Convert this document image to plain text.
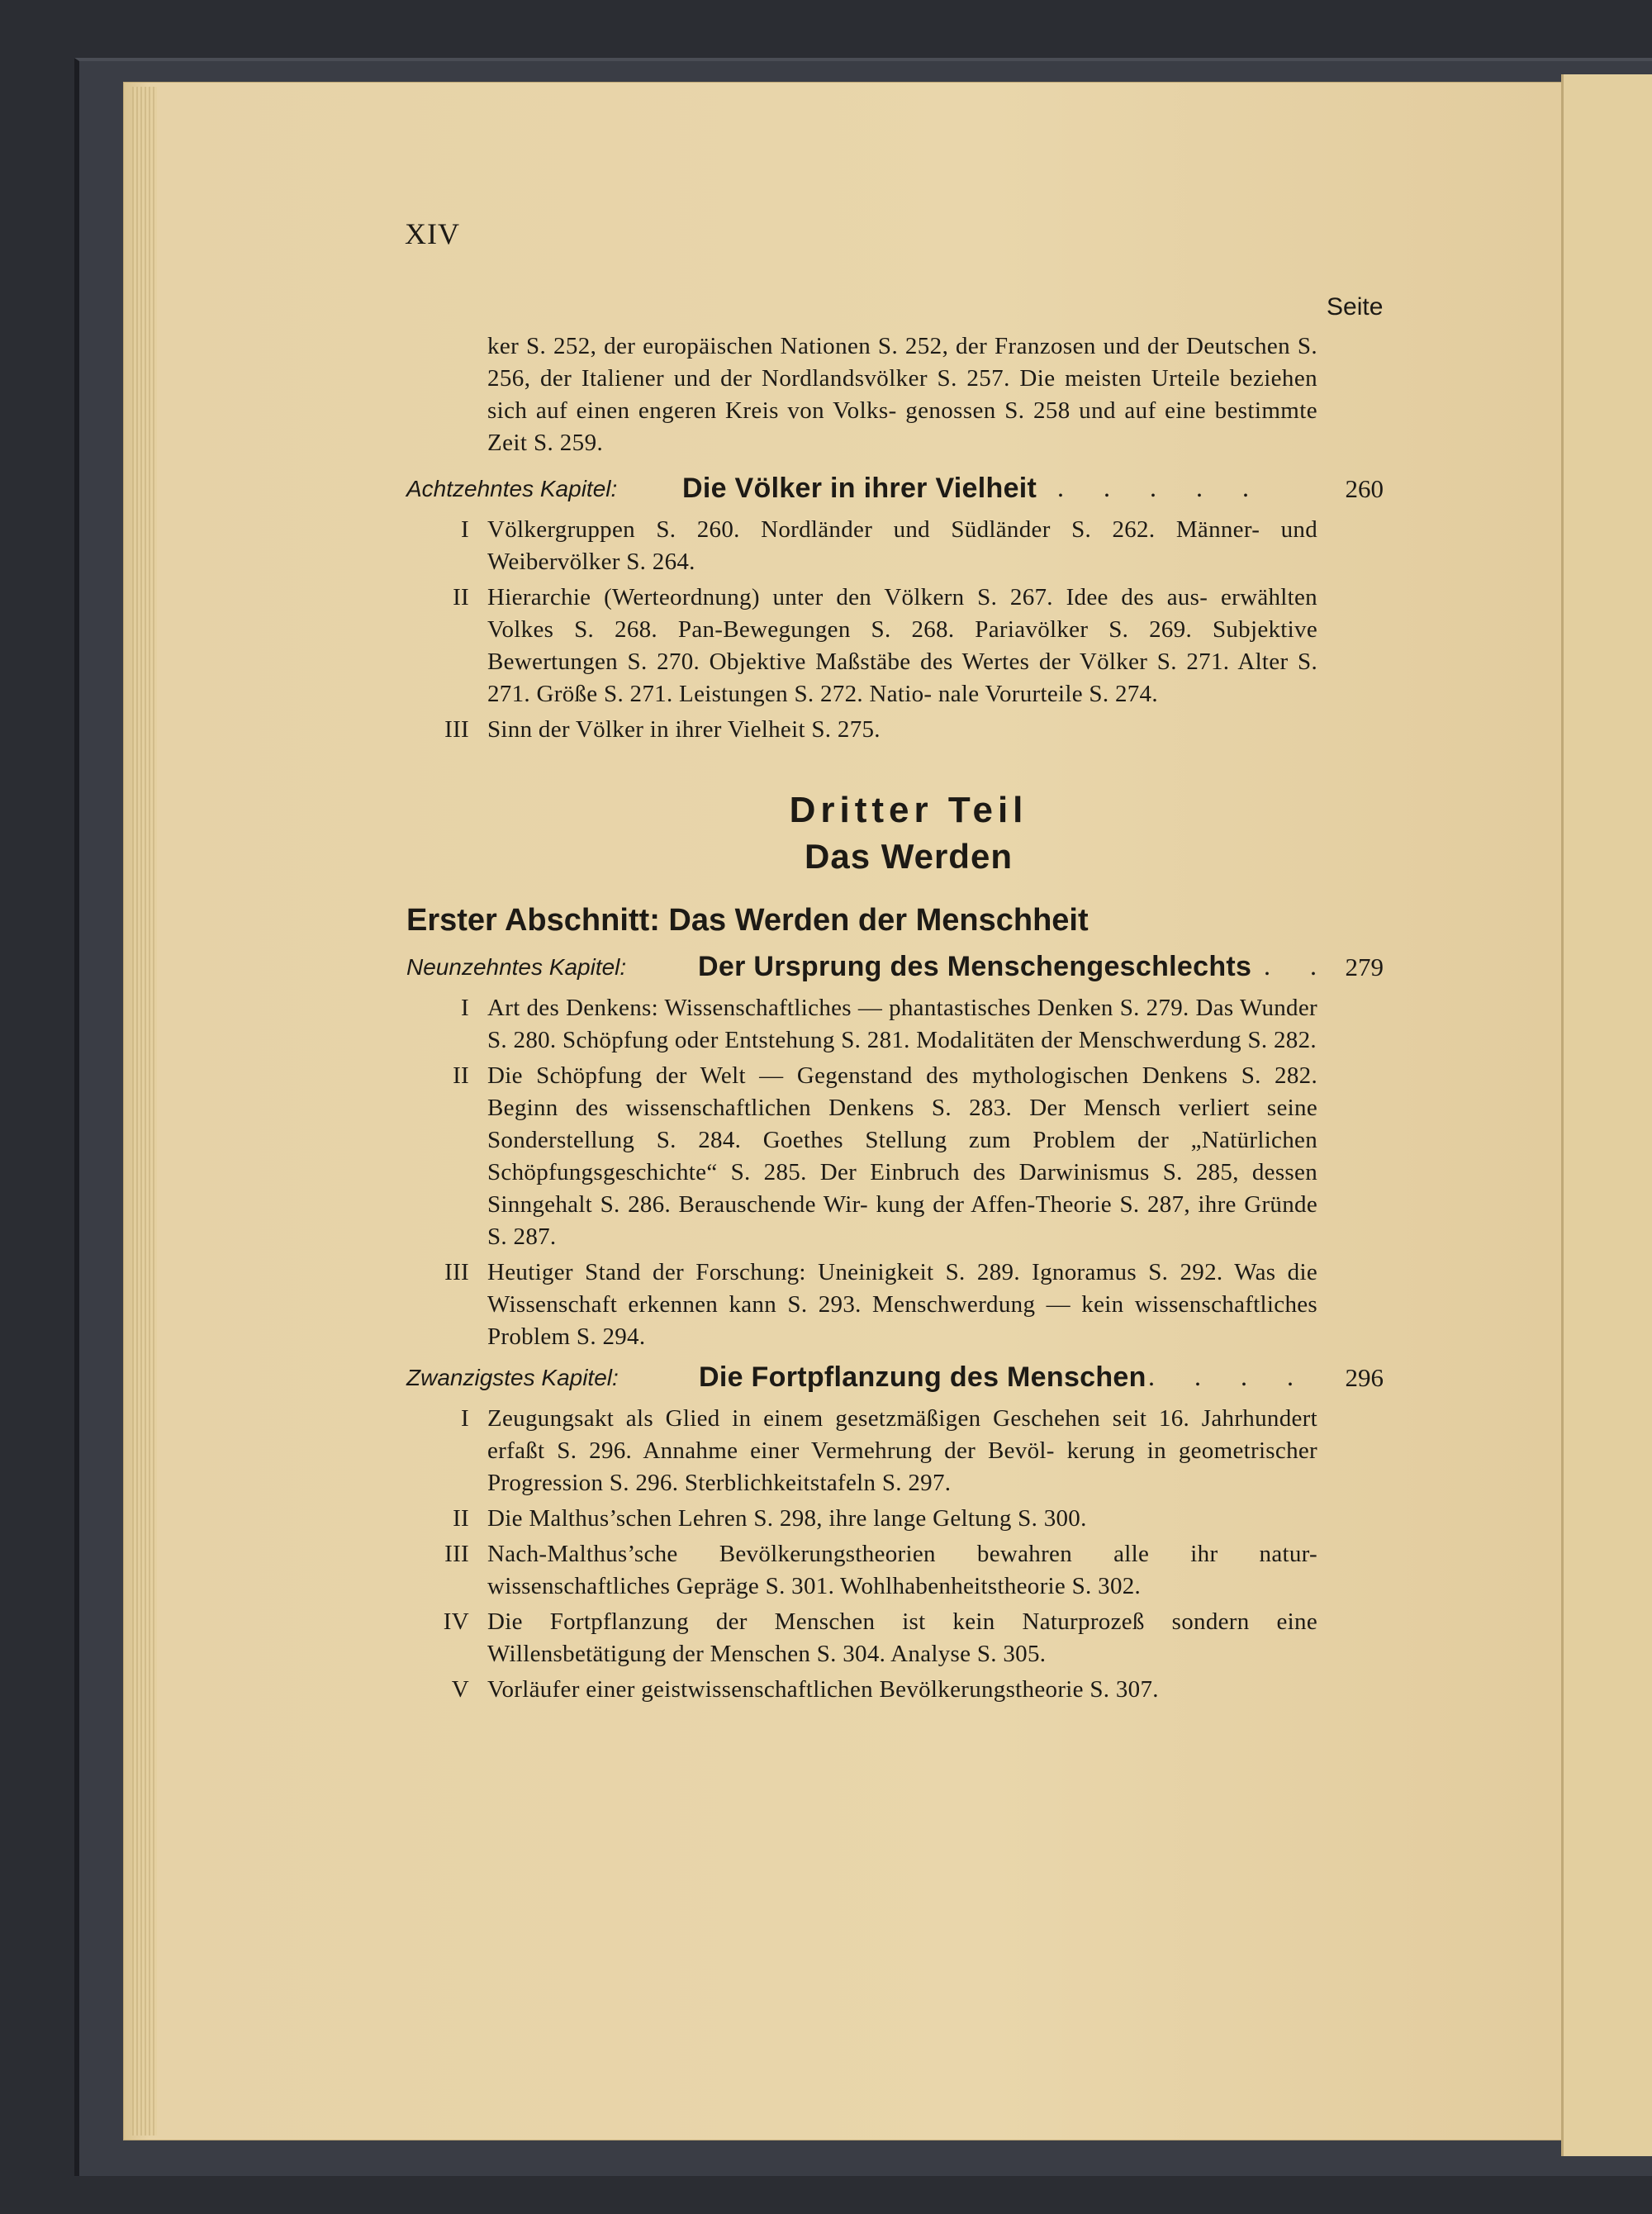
XIV
Seite
ker S. 252, der europäischen Nationen S. 252, der Franzosen und der Deutschen S. 256, der Italiener und der Nordlandsvölker S. 257. Die meisten Urteile beziehen sich auf einen engeren Kreis von Volks- genossen S. 258 und auf eine bestimmte Zeit S. 259.
Achtzehntes Kapitel: Die Völker in ihrer Vielheit . . . . .	260
I Völkergruppen S. 260. Nordländer und Südländer S. 262. Männer- und Weibervölker S. 264.
II Hierarchie (Werteordnung) unter den Völkern S. 267. Idee des aus- erwählten Volkes S. 268. Pan-Bewegungen S. 268. Pariavölker S. 269. Subjektive Bewertungen S. 270. Objektive Maßstäbe des Wertes der Völker S. 271. Alter S. 271. Größe S. 271. Leistungen S. 272. Natio- nale Vorurteile S. 274.
III Sinn der Völker in ihrer Vielheit S. 275.
Dritter Teil
Das Werden
Erster Abschnitt: Das Werden der Menschheit
Neunzehntes Kapitel:	Der Ursprung des Menschengeschlechts . . 279
I Art des Denkens: Wissenschaftliches — phantastisches Denken S. 279. Das Wunder S. 280. Schöpfung oder Entstehung S. 281. Modalitäten der Menschwerdung S. 282.
II Die Schöpfung der Welt — Gegenstand des mythologischen Denkens S. 282. Beginn des wissenschaftlichen Denkens S. 283. Der Mensch verliert seine Sonderstellung S. 284. Goethes Stellung zum Problem der „Natürlichen Schöpfungsgeschichte“ S. 285. Der Einbruch des Darwinismus S. 285, dessen Sinngehalt S. 286. Berauschende Wir- kung der Affen-Theorie S. 287, ihre Gründe S. 287.
III Heutiger Stand der Forschung: Uneinigkeit S. 289. Ignoramus S. 292. Was die Wissenschaft erkennen kann S. 293. Menschwerdung — kein wissenschaftliches Problem S. 294.
Zwanzigstes Kapitel:	Die Fortpflanzung des Menschen . . . . 296
I Zeugungsakt als Glied in einem gesetzmäßigen Geschehen seit 16. Jahrhundert erfaßt S. 296. Annahme einer Vermehrung der Bevöl- kerung in geometrischer Progression S. 296. Sterblichkeitstafeln S. 297.
II Die Malthus’schen Lehren S. 298, ihre lange Geltung S. 300.
III Nach-Malthus’sche Bevölkerungstheorien bewahren alle ihr natur- wissenschaftliches Gepräge S. 301. Wohlhabenheitstheorie S. 302.
IV Die Fortpflanzung der Menschen ist kein Naturprozeß sondern eine Willensbetätigung der Menschen S. 304. Analyse S. 305.
V Vorläufer einer geistwissenschaftlichen Bevölkerungstheorie S. 307.
